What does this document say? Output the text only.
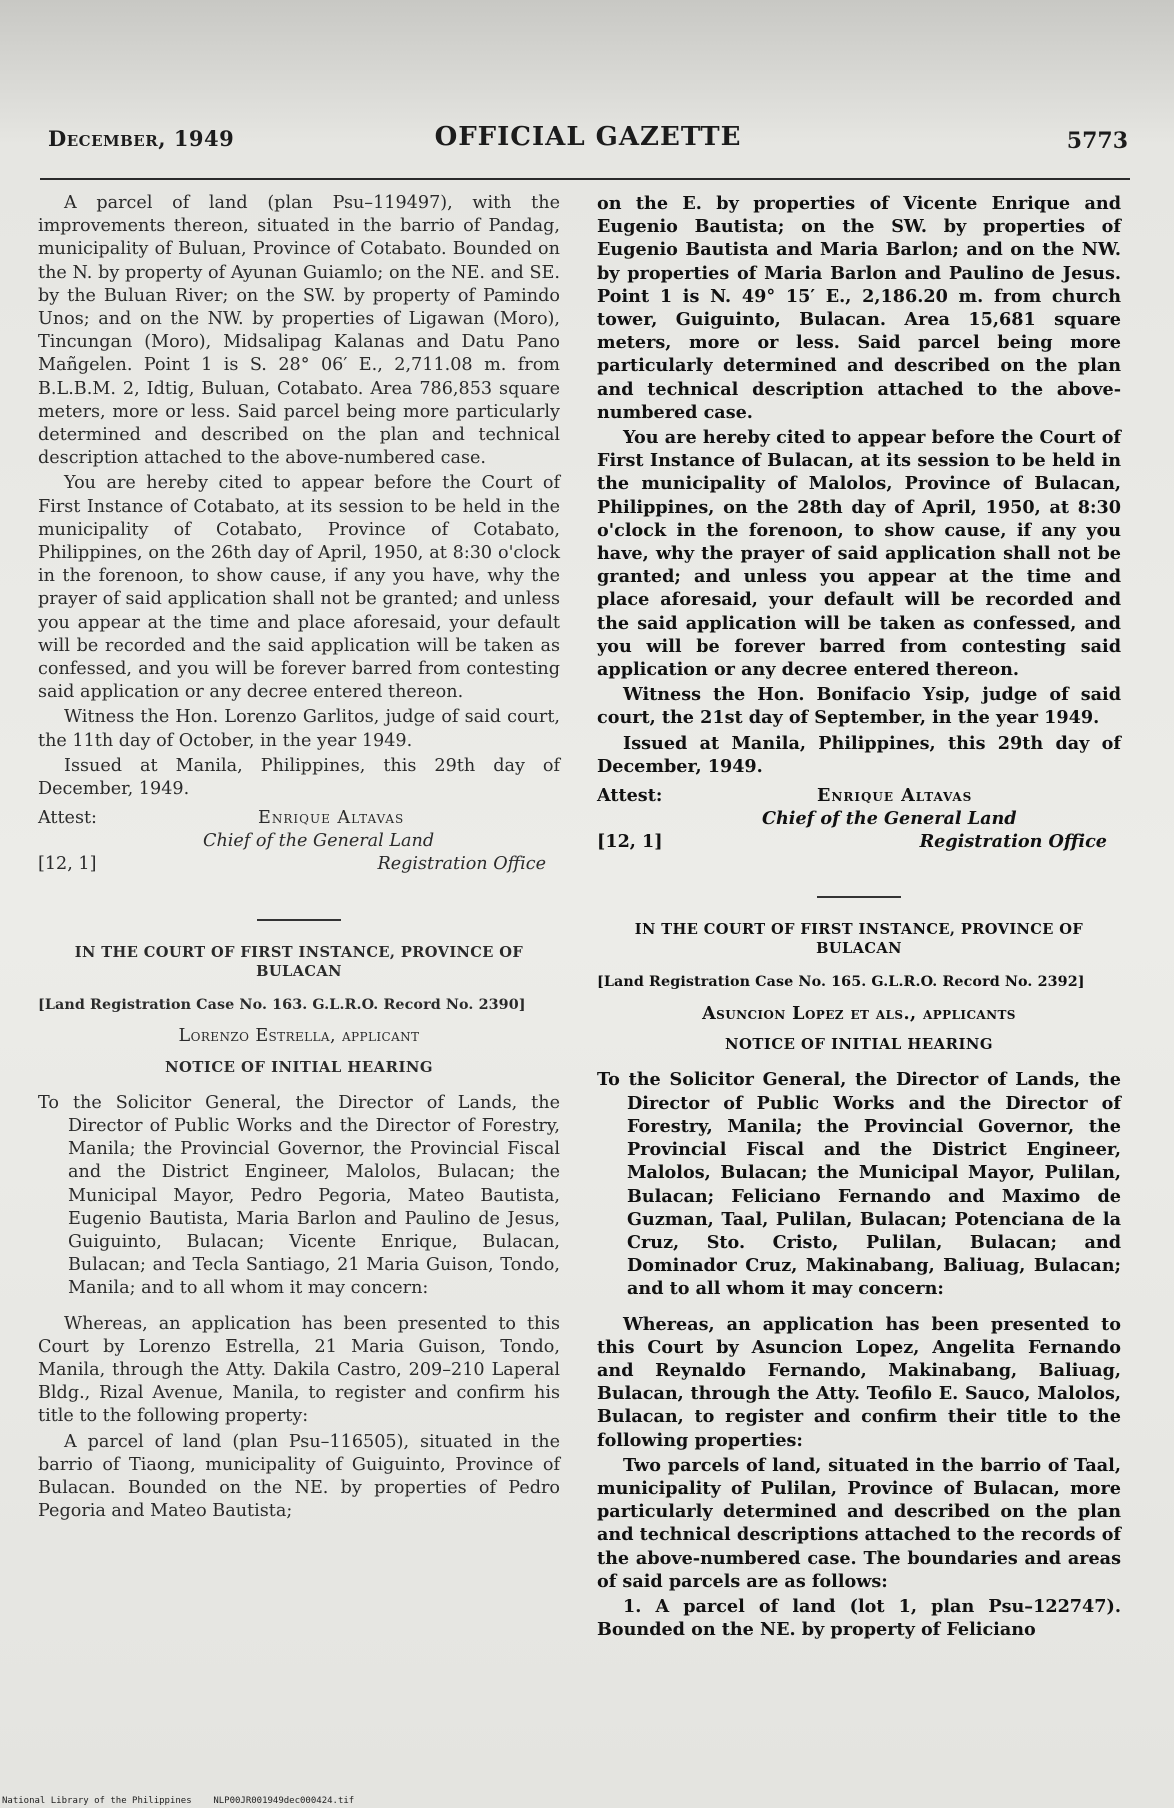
December, 1949	OFFICIAL GAZETTE	5773

A parcel of land (plan Psu–119497), with the improvements thereon, situated in the barrio of Pandag, municipality of Buluan, Province of Cotabato. Bounded on the N. by property of Ayunan Guiamlo; on the NE. and SE. by the Buluan River; on the SW. by property of Pamindo Unos; and on the NW. by properties of Ligawan (Moro), Tincungan (Moro), Midsalipag Kalanas and Datu Pano Mañgelen. Point 1 is S. 28° 06′ E., 2,711.08 m. from B.L.B.M. 2, Idtig, Buluan, Cotabato. Area 786,853 square meters, more or less. Said parcel being more particularly determined and described on the plan and technical description attached to the above-numbered case.

You are hereby cited to appear before the Court of First Instance of Cotabato, at its session to be held in the municipality of Cotabato, Province of Cotabato, Philippines, on the 26th day of April, 1950, at 8:30 o'clock in the forenoon, to show cause, if any you have, why the prayer of said application shall not be granted; and unless you appear at the time and place aforesaid, your default will be recorded and the said application will be taken as confessed, and you will be forever barred from contesting said application or any decree entered thereon.

Witness the Hon. Lorenzo Garlitos, judge of said court, the 11th day of October, in the year 1949.

Issued at Manila, Philippines, this 29th day of December, 1949.

Attest:	Enrique Altavas
Chief of the General Land
[12, 1]	Registration Office
IN THE COURT OF FIRST INSTANCE, PROVINCE OF BULACAN
[Land Registration Case No. 163. G.L.R.O. Record No. 2390]
Lorenzo Estrella, applicant
NOTICE OF INITIAL HEARING

To the Solicitor General, the Director of Lands, the Director of Public Works and the Director of Forestry, Manila; the Provincial Governor, the Provincial Fiscal and the District Engineer, Malolos, Bulacan; the Municipal Mayor, Pedro Pegoria, Mateo Bautista, Eugenio Bautista, Maria Barlon and Paulino de Jesus, Guiguinto, Bulacan; Vicente Enrique, Bulacan, Bulacan; and Tecla Santiago, 21 Maria Guison, Tondo, Manila; and to all whom it may concern:

Whereas, an application has been presented to this Court by Lorenzo Estrella, 21 Maria Guison, Tondo, Manila, through the Atty. Dakila Castro, 209–210 Laperal Bldg., Rizal Avenue, Manila, to register and confirm his title to the following property:

A parcel of land (plan Psu–116505), situated in the barrio of Tiaong, municipality of Guiguinto, Province of Bulacan. Bounded on the NE. by properties of Pedro Pegoria and Mateo Bautista;

on the E. by properties of Vicente Enrique and Eugenio Bautista; on the SW. by properties of Eugenio Bautista and Maria Barlon; and on the NW. by properties of Maria Barlon and Paulino de Jesus. Point 1 is N. 49° 15′ E., 2,186.20 m. from church tower, Guiguinto, Bulacan. Area 15,681 square meters, more or less. Said parcel being more particularly determined and described on the plan and technical description attached to the above-numbered case.

You are hereby cited to appear before the Court of First Instance of Bulacan, at its session to be held in the municipality of Malolos, Province of Bulacan, Philippines, on the 28th day of April, 1950, at 8:30 o'clock in the forenoon, to show cause, if any you have, why the prayer of said application shall not be granted; and unless you appear at the time and place aforesaid, your default will be recorded and the said application will be taken as confessed, and you will be forever barred from contesting said application or any decree entered thereon.

Witness the Hon. Bonifacio Ysip, judge of said court, the 21st day of September, in the year 1949.

Issued at Manila, Philippines, this 29th day of December, 1949.

Attest:	Enrique Altavas
Chief of the General Land
[12, 1]	Registration Office
IN THE COURT OF FIRST INSTANCE, PROVINCE OF BULACAN
[Land Registration Case No. 165. G.L.R.O. Record No. 2392]
Asuncion Lopez et als., applicants
NOTICE OF INITIAL HEARING

To the Solicitor General, the Director of Lands, the Director of Public Works and the Director of Forestry, Manila; the Provincial Governor, the Provincial Fiscal and the District Engineer, Malolos, Bulacan; the Municipal Mayor, Pulilan, Bulacan; Feliciano Fernando and Maximo de Guzman, Taal, Pulilan, Bulacan; Potenciana de la Cruz, Sto. Cristo, Pulilan, Bulacan; and Dominador Cruz, Makinabang, Baliuag, Bulacan; and to all whom it may concern:

Whereas, an application has been presented to this Court by Asuncion Lopez, Angelita Fernando and Reynaldo Fernando, Makinabang, Baliuag, Bulacan, through the Atty. Teofilo E. Sauco, Malolos, Bulacan, to register and confirm their title to the following properties:

Two parcels of land, situated in the barrio of Taal, municipality of Pulilan, Province of Bulacan, more particularly determined and described on the plan and technical descriptions attached to the records of the above-numbered case. The boundaries and areas of said parcels are as follows:

1. A parcel of land (lot 1, plan Psu–122747). Bounded on the NE. by property of Feliciano

National Library of the Philippines    NLP00JR001949dec000424.tif
